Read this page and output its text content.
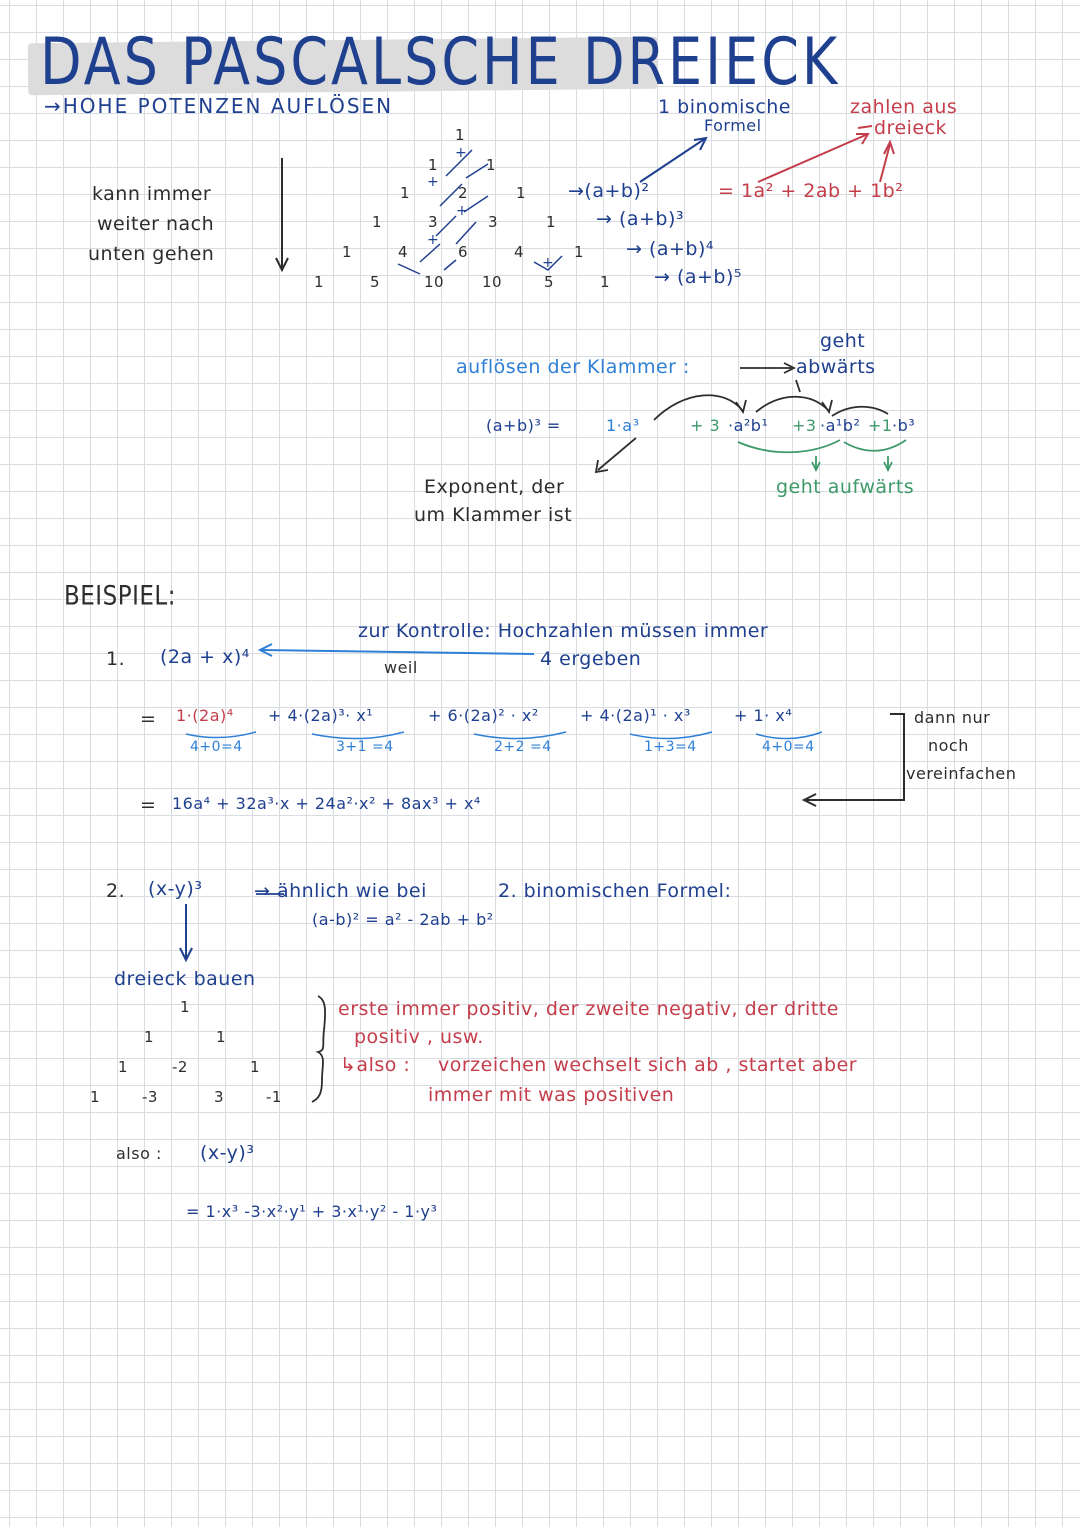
DAS PASCALSCHE DREIECK
→HOHE POTENZEN AUFLÖSEN
kann immer
weiter nach
unten gehen
1
1	1
1	2	1
1	3	3	1
1	4	6	4	1
1	5	10	10	5	1
+
+
+
+
+
→(a+b)²
→ (a+b)³
→ (a+b)⁴
→ (a+b)⁵
= 1a² + 2ab + 1b²
1 binomische
Formel
zahlen aus
dreieck
geht
abwärts
auflösen der Klammer :
(a+b)³ =	1·a³	+ 3 ·a²b¹ +3 ·a¹b² +1 ·b³
geht aufwärts
Exponent, der
um Klammer ist
BEISPIEL:
1. (2a + x)⁴
zur Kontrolle: Hochzahlen müssen immer
4 ergeben
weil
= 1·(2a)⁴ + 4·(2a)³· x¹	+ 6·(2a)² · x²	+ 4·(2a)¹ · x³	+ 1· x⁴
4+0=4	3+1 =4	2+2 =4	1+3=4	4+0=4
= 16a⁴ + 32a³·x + 24a²·x² + 8ax³ + x⁴
dann nur
noch
vereinfachen
2. (x-y)³	→ ähnlich wie bei	2. binomischen Formel:
(a-b)² = a² - 2ab + b²
dreieck bauen
1
1	1
1	-2	1
1	-3	3	-1
erste immer positiv, der zweite negativ, der dritte
positiv , usw.
↳also : vorzeichen wechselt sich ab , startet aber
immer mit was positiven
also : (x-y)³
= 1·x³ -3·x²·y¹ + 3·x¹·y² - 1·y³
